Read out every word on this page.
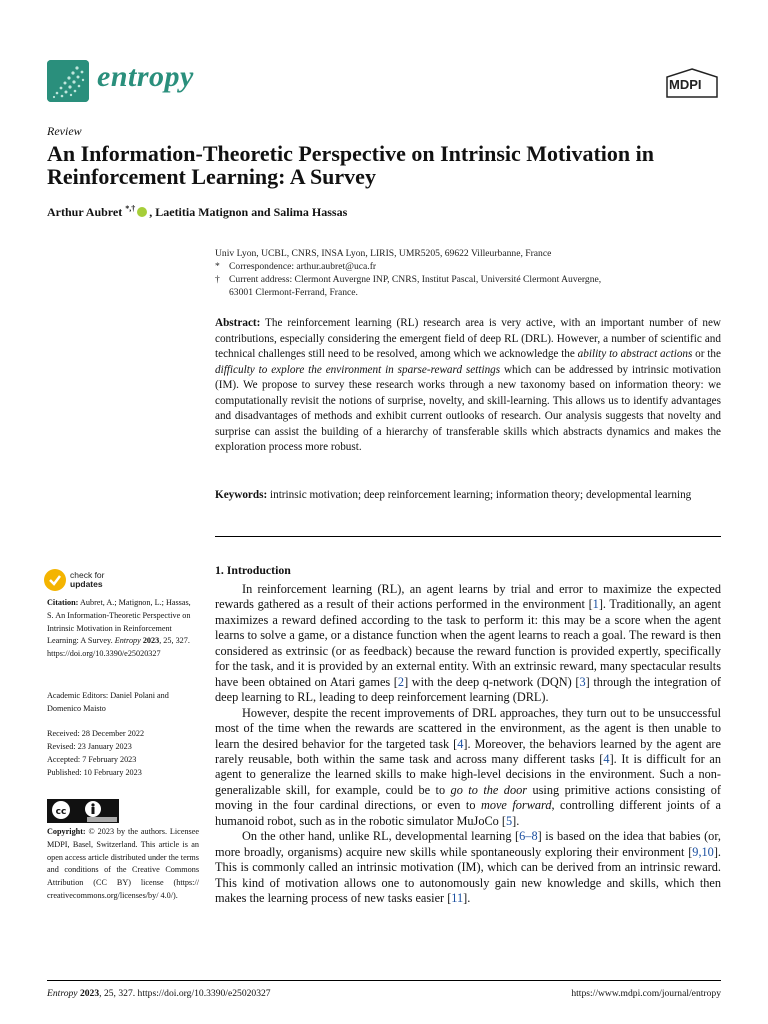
entropy	MDPI
Review
An Information-Theoretic Perspective on Intrinsic Motivation in Reinforcement Learning: A Survey
Arthur Aubret *,† , Laetitia Matignon and Salima Hassas
Univ Lyon, UCBL, CNRS, INSA Lyon, LIRIS, UMR5205, 69622 Villeurbanne, France
* Correspondence: arthur.aubret@uca.fr
† Current address: Clermont Auvergne INP, CNRS, Institut Pascal, Université Clermont Auvergne,
63001 Clermont-Ferrand, France.
Abstract: The reinforcement learning (RL) research area is very active, with an important number of new contributions, especially considering the emergent field of deep RL (DRL). However, a number of scientific and technical challenges still need to be resolved, among which we acknowledge the ability to abstract actions or the difficulty to explore the environment in sparse-reward settings which can be addressed by intrinsic motivation (IM). We propose to survey these research works through a new taxonomy based on information theory: we computationally revisit the notions of surprise, novelty, and skill-learning. This allows us to identify advantages and disadvantages of methods and exhibit current outlooks of research. Our analysis suggests that novelty and surprise can assist the building of a hierarchy of transferable skills which abstracts dynamics and makes the exploration process more robust.
Keywords: intrinsic motivation; deep reinforcement learning; information theory; developmental learning
1. Introduction

In reinforcement learning (RL), an agent learns by trial and error to maximize the expected rewards gathered as a result of their actions performed in the environment [1]. Traditionally, an agent maximizes a reward defined according to the task to perform it: this may be a score when the agent learns to solve a game, or a distance function when the agent learns to reach a goal. The reward is then considered as extrinsic (or as feedback) because the reward function is provided expertly, specifically for the task, and it is provided by an external entity. With an extrinsic reward, many spectacular results have been obtained on Atari games [2] with the deep q-network (DQN) [3] through the integration of deep learning to RL, leading to deep reinforcement learning (DRL).

However, despite the recent improvements of DRL approaches, they turn out to be unsuccessful most of the time when the rewards are scattered in the environment, as the agent is then unable to learn the desired behavior for the targeted task [4]. Moreover, the behaviors learned by the agent are rarely reusable, both within the same task and across many different tasks [4]. It is difficult for an agent to generalize the learned skills to make high-level decisions in the environment. Such a non-generalizable skill, for example, could be to go to the door using primitive actions consisting of moving in the four cardinal directions, or even to move forward, controlling different joints of a humanoid robot, such as in the robotic simulator MuJoCo [5].

On the other hand, unlike RL, developmental learning [6–8] is based on the idea that babies (or, more broadly, organisms) acquire new skills while spontaneously exploring their environment [9,10]. This is commonly called an intrinsic motivation (IM), which can be derived from an intrinsic reward. This kind of motivation allows one to autonomously gain new knowledge and skills, which then makes the learning process of new tasks easier [11].

check for
updates
Citation: Aubret, A.; Matignon, L.; Hassas, S. An Information-Theoretic Perspective on Intrinsic Motivation in Reinforcement Learning: A Survey. Entropy 2023, 25, 327. https://doi.org/10.3390/e25020327
Academic Editors: Daniel Polani and Domenico Maisto
Received: 28 December 2022
Revised: 23 January 2023
Accepted: 7 February 2023
Published: 10 February 2023
cc
Copyright: © 2023 by the authors. Licensee MDPI, Basel, Switzerland. This article is an open access article distributed under the terms and conditions of the Creative Commons Attribution (CC BY) license (https:// creativecommons.org/licenses/by/ 4.0/).
Entropy 2023, 25, 327. https://doi.org/10.3390/e25020327	https://www.mdpi.com/journal/entropy
